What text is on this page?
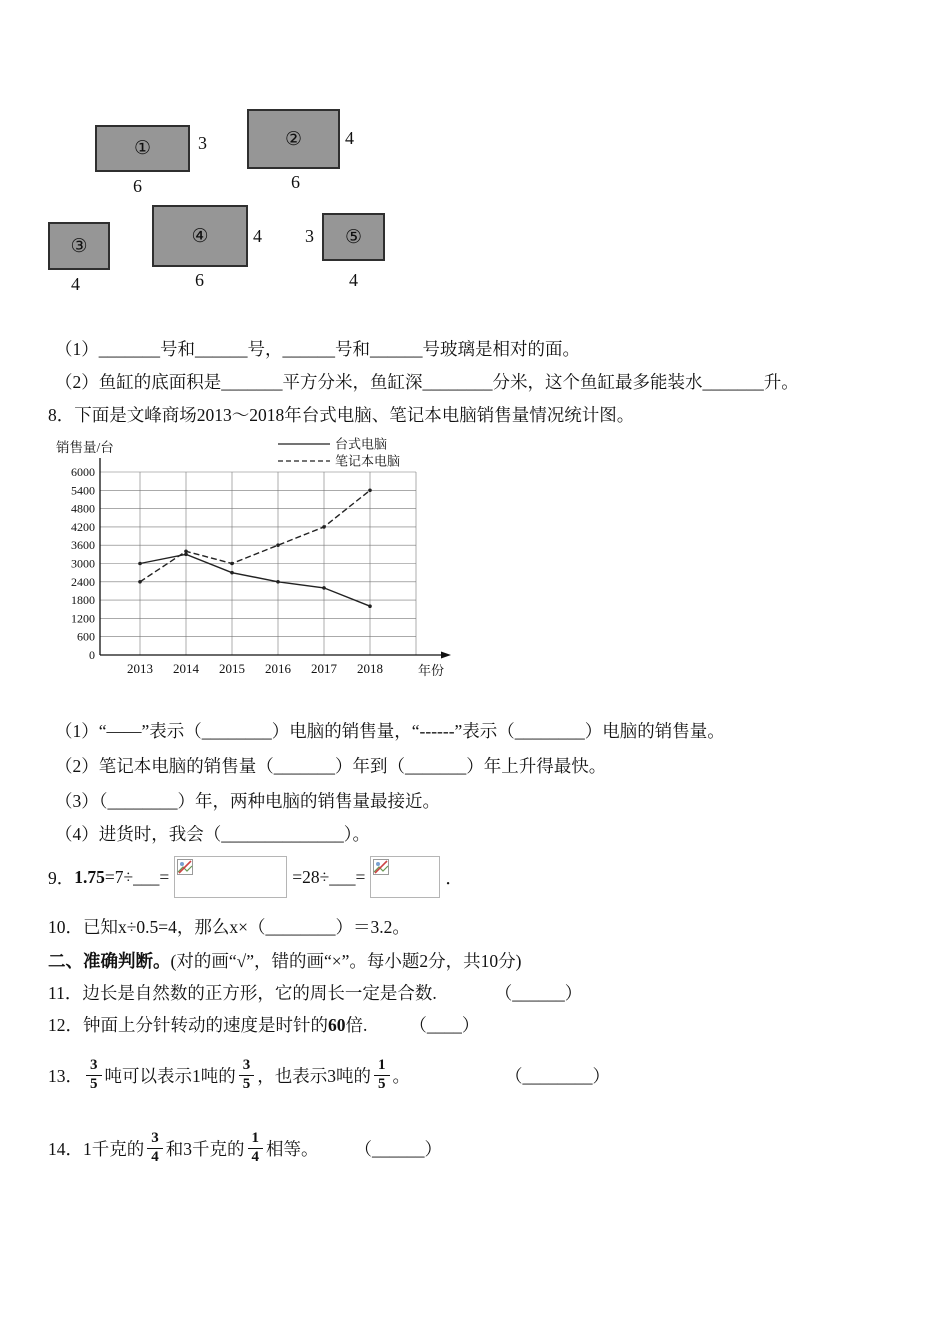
①	3
6
② 4
6
③
4
④ 4
6
⑤
3
4
（1）_______号和______号，______号和______号玻璃是相对的面。
（2）鱼缸的底面积是_______平方分米，鱼缸深________分米，这个鱼缸最多能装水_______升。
8．下面是文峰商场2013～2018年台式电脑、笔记本电脑销售量情况统计图。
0
600
1200
1800
2400
3000
3600
4200
4800
5400
6000
2013 2014 2015 2016 2017 2018	年份
销售量/台	台式电脑
笔记本电脑
（1）“——”表示（________）电脑的销售量，“------”表示（________）电脑的销售量。
（2）笔记本电脑的销售量（_______）年到（_______）年上升得最快。
（3）（________）年，两种电脑的销售量最接近。
（4）进货时，我会（______________）。
9． 1.75 =7÷___=	=28÷___=	．
10．已知x÷0.5=4，那么x×（________）＝3.2。
二、准确判断。(对的画“√”，错的画“×”。每小题2分，共10分)
11．边长是自然数的正方形，它的周长一定是合数.	（______）
12．钟面上分针转动的速度是时针的60倍. （____）
13． $\frac{3}{5}$ 吨可以表示1吨的 $\frac{3}{5}$ ，也表示3吨的 $\frac{1}{5}$ 。	（________）
14． 1千克的 $\frac{3}{4}$ 和3千克的 $\frac{1}{4}$ 相等。 （______）
